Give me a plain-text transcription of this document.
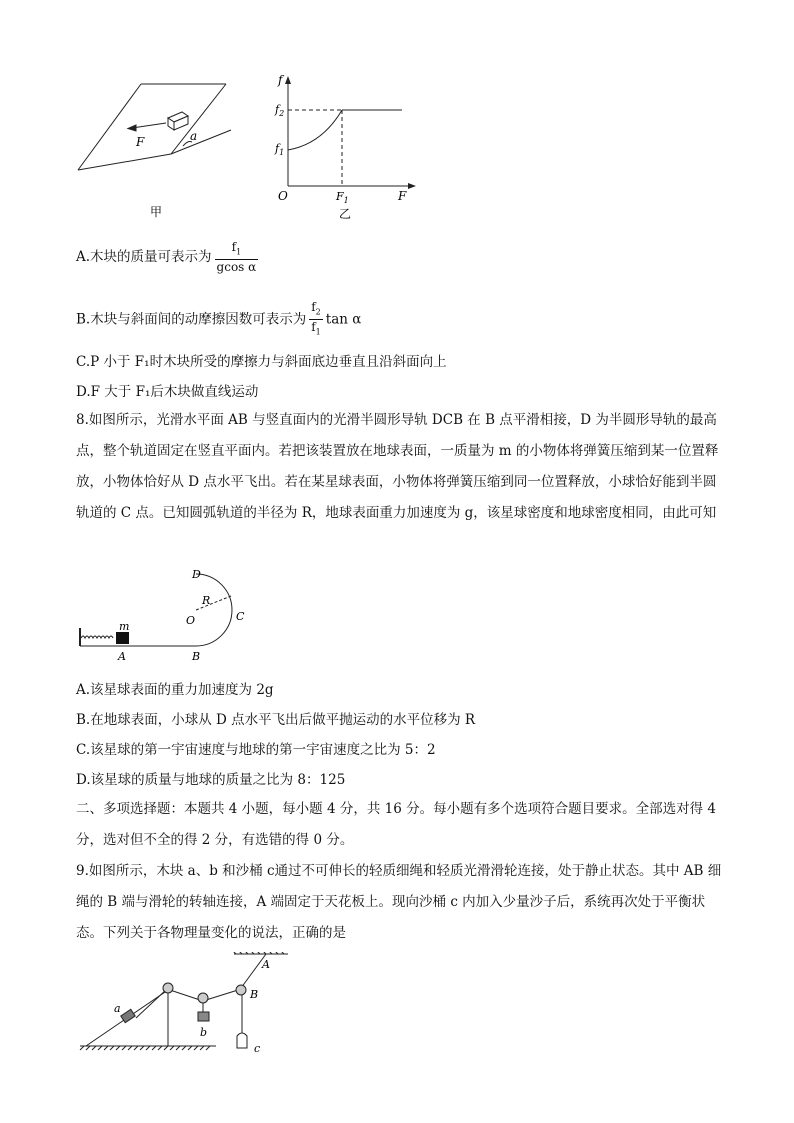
F	a
甲
f
F
O
$f_2$
$f_1$
$F_1$
乙
A.木块的质量可表示为 $\frac{f_1}{\text{gcos α}}$
B.木块与斜面间的动摩擦因数可表示为 $\frac{f_2}{f_1}$ tan α
C.P 小于 F₁时木块所受的摩擦力与斜面底边垂直且沿斜面向上
D.F 大于 F₁后木块做直线运动
8.如图所示，光滑水平面 AB 与竖直面内的光滑半圆形导轨 DCB 在 B 点平滑相接，D 为半圆形导轨的最高点，整个轨道固定在竖直平面内。若把该装置放在地球表面，一质量为 m 的小物体将弹簧压缩到某一位置释放，小物体恰好从 D 点水平飞出。若在某星球表面，小物体将弹簧压缩到同一位置释放，小球恰好能到半圆轨道的 C 点。已知圆弧轨道的半径为 R，地球表面重力加速度为 g，该星球密度和地球密度相同，由此可知
D
R
O	C
m
A	B
A.该星球表面的重力加速度为 2g
B.在地球表面，小球从 D 点水平飞出后做平抛运动的水平位移为 R
C.该星球的第一宇宙速度与地球的第一宇宙速度之比为 5：2
D.该星球的质量与地球的质量之比为 8：125
二、多项选择题：本题共 4 小题，每小题 4 分，共 16 分。每小题有多个选项符合题目要求。全部选对得 4 分，选对但不全的得 2 分，有选错的得 0 分。
9.如图所示，木块 a、b 和沙桶 c通过不可伸长的轻质细绳和轻质光滑滑轮连接，处于静止状态。其中 AB 细绳的 B 端与滑轮的转轴连接，A 端固定于天花板上。现向沙桶 c 内加入少量沙子后，系统再次处于平衡状态。下列关于各物理量变化的说法，正确的是
a
b
c
A
B
